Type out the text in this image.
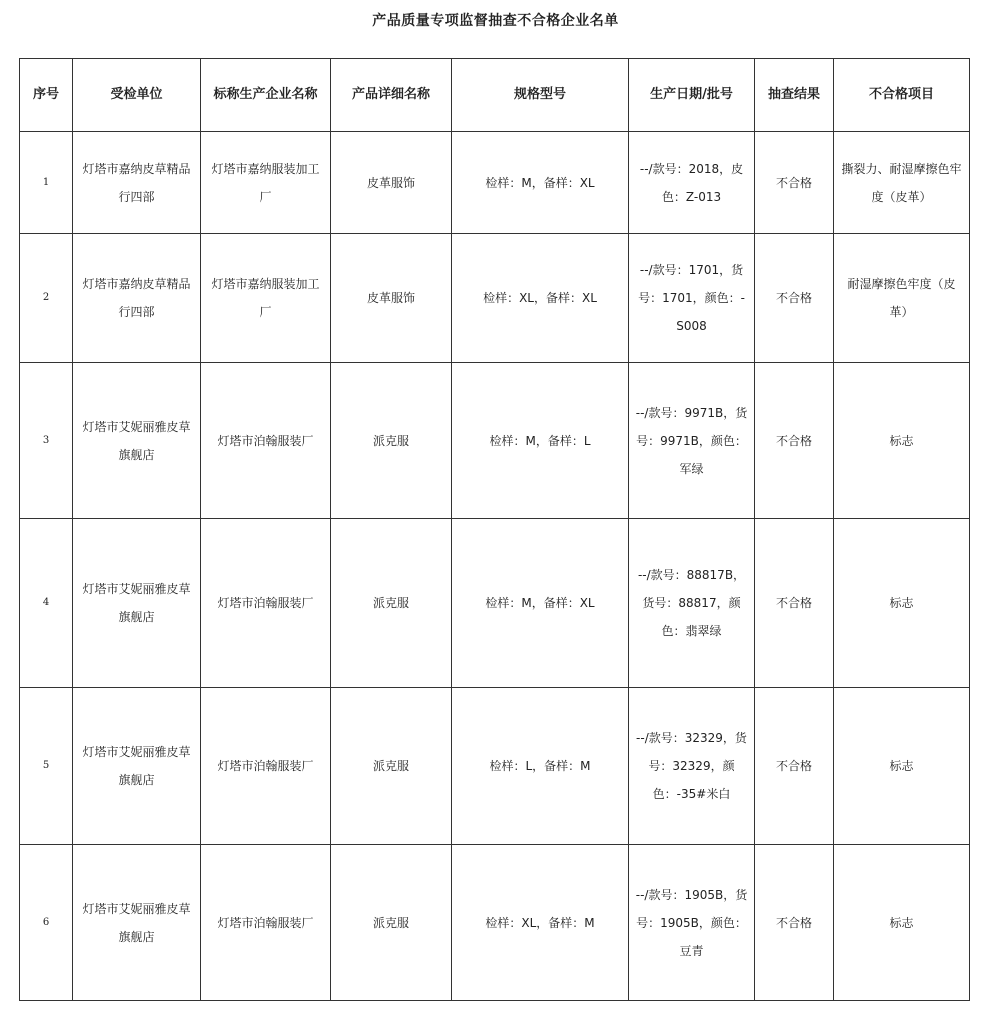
产品质量专项监督抽查不合格企业名单
序号	受检单位	标称生产企业名称	产品详细名称	规格型号	生产日期/批号	抽查结果	不合格项目
1	灯塔市嘉纳皮草精品行四部	灯塔市嘉纳服装加工厂	皮革服饰	检样：M，备样：XL	--/款号：2018，皮色：Z-013	不合格	撕裂力、耐湿摩擦色牢度（皮革）
2	灯塔市嘉纳皮草精品行四部	灯塔市嘉纳服装加工厂	皮革服饰	检样：XL，备样：XL	--/款号：1701，货号：1701，颜色：-S008	不合格	耐湿摩擦色牢度（皮革）
3	灯塔市艾妮丽雅皮草旗舰店	灯塔市泊翰服装厂	派克服	检样：M，备样：L	--/款号：9971B，货号：9971B，颜色：军绿	不合格	标志
4	灯塔市艾妮丽雅皮草旗舰店	灯塔市泊翰服装厂	派克服	检样：M，备样：XL	--/款号：88817B，货号：88817，颜色：翡翠绿	不合格	标志
5	灯塔市艾妮丽雅皮草旗舰店	灯塔市泊翰服装厂	派克服	检样：L，备样：M	--/款号：32329，货号：32329，颜色：-35#米白	不合格	标志
6	灯塔市艾妮丽雅皮草旗舰店	灯塔市泊翰服装厂	派克服	检样：XL，备样：M	--/款号：1905B，货号：1905B，颜色：豆青	不合格	标志
